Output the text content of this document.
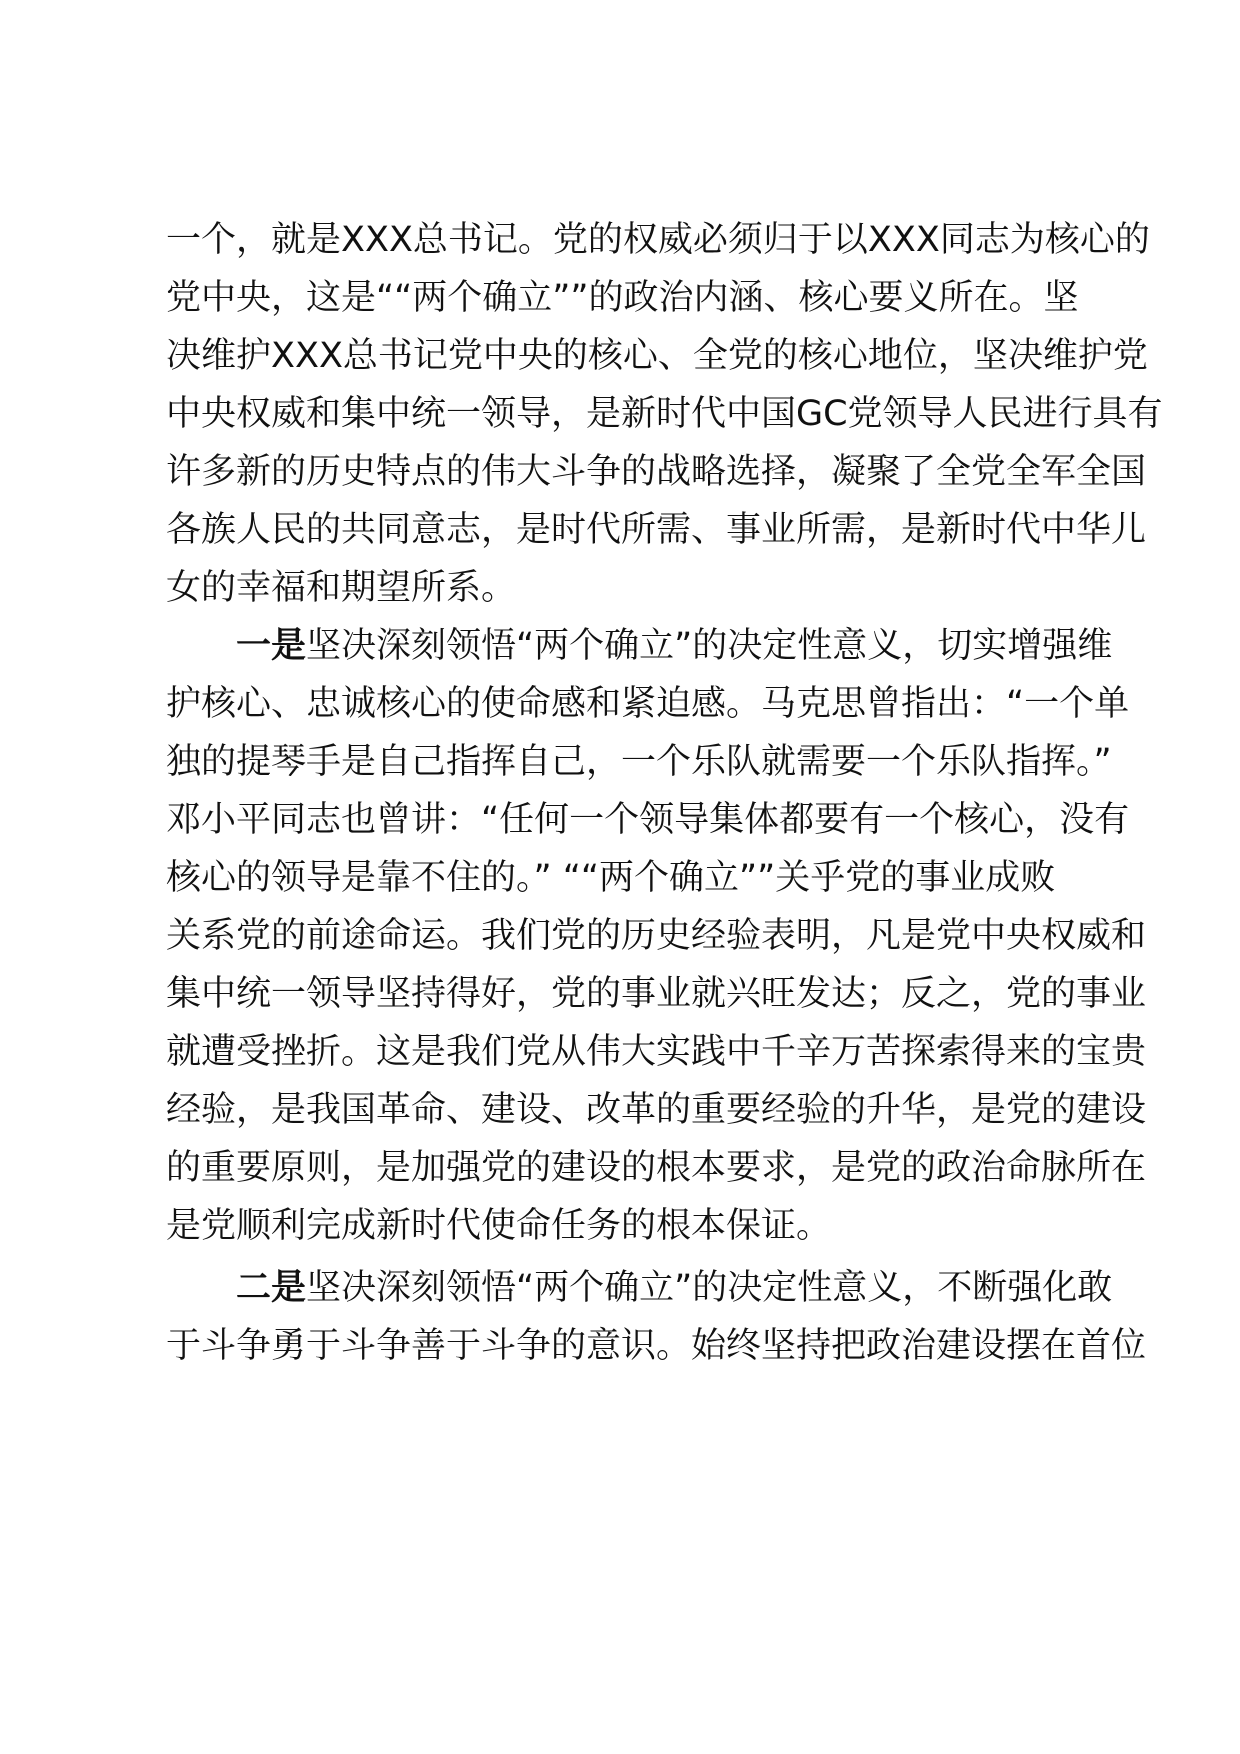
一个，就是XXX总书记。党的权威必须归于以XXX同志为核心的
党中央，这是““两个确立””的政治内涵、核心要义所在。坚
决维护XXX总书记党中央的核心、全党的核心地位，坚决维护党
中央权威和集中统一领导，是新时代中国GC党领导人民进行具有
许多新的历史特点的伟大斗争的战略选择，凝聚了全党全军全国
各族人民的共同意志，是时代所需、事业所需，是新时代中华儿
女的幸福和期望所系。
一是坚决深刻领悟“两个确立”的决定性意义，切实增强维
护核心、忠诚核心的使命感和紧迫感。马克思曾指出：“一个单
独的提琴手是自己指挥自己，一个乐队就需要一个乐队指挥。”
邓小平同志也曾讲：“任何一个领导集体都要有一个核心，没有
核心的领导是靠不住的。” ““两个确立””关乎党的事业成败
关系党的前途命运。我们党的历史经验表明，凡是党中央权威和
集中统一领导坚持得好，党的事业就兴旺发达；反之，党的事业
就遭受挫折。这是我们党从伟大实践中千辛万苦探索得来的宝贵
经验，是我国革命、建设、改革的重要经验的升华，是党的建设
的重要原则，是加强党的建设的根本要求，是党的政治命脉所在
是党顺利完成新时代使命任务的根本保证。
二是坚决深刻领悟“两个确立”的决定性意义，不断强化敢
于斗争勇于斗争善于斗争的意识。始终坚持把政治建设摆在首位
